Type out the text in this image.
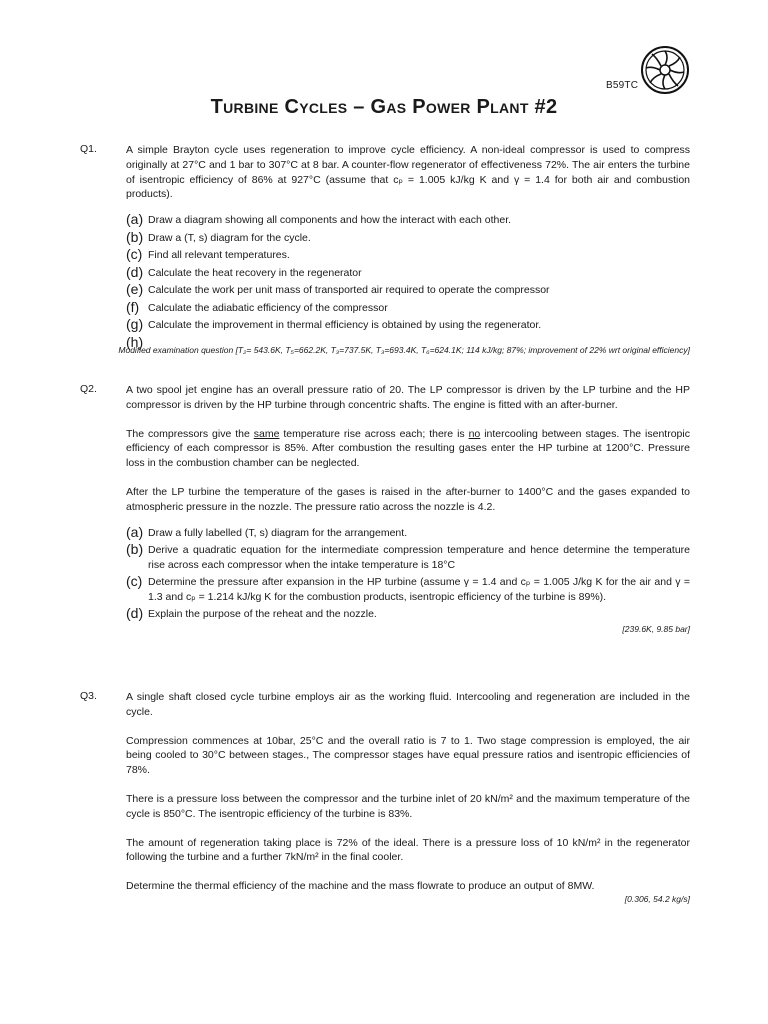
B59TC
Turbine Cycles – Gas Power Plant #2
Q1.	A simple Brayton cycle uses regeneration to improve cycle efficiency. A non-ideal compressor is used to compress originally at 27°C and 1 bar to 307°C at 8 bar. A counter-flow regenerator of effectiveness 72%. The air enters the turbine of isentropic efficiency of 86% at 927°C (assume that cₚ = 1.005 kJ/kg K and γ = 1.4 for both air and combustion products).

(a) Draw a diagram showing all components and how the interact with each other.
(b) Draw a (T, s) diagram for the cycle.
(c) Find all relevant temperatures.
(d) Calculate the heat recovery in the regenerator
(e) Calculate the work per unit mass of transported air required to operate the compressor
(f) Calculate the adiabatic efficiency of the compressor
(g) Calculate the improvement in thermal efficiency is obtained by using the regenerator.
(h)

Modified examination question [T₂= 543.6K, T₅=662.2K, T₃=737.5K, T₃=693.4K, T₆=624.1K; 114 kJ/kg; 87%; improvement of 22% wrt original efficiency]

Q2.	A two spool jet engine has an overall pressure ratio of 20. The LP compressor is driven by the LP turbine and the HP compressor is driven by the HP turbine through concentric shafts. The engine is fitted with an after-burner.

The compressors give the same temperature rise across each; there is no intercooling between stages. The isentropic efficiency of each compressor is 85%. After combustion the resulting gases enter the HP turbine at 1200°C. Pressure loss in the combustion chamber can be neglected.

After the LP turbine the temperature of the gases is raised in the after-burner to 1400°C and the gases expanded to atmospheric pressure in the nozzle. The pressure ratio across the nozzle is 4.2.

(a) Draw a fully labelled (T, s) diagram for the arrangement.
(b) Derive a quadratic equation for the intermediate compression temperature and hence determine the temperature rise across each compressor when the intake temperature is 18°C
(c) Determine the pressure after expansion in the HP turbine (assume γ = 1.4 and cₚ = 1.005 J/kg K for the air and γ = 1.3 and cₚ = 1.214 kJ/kg K for the combustion products, isentropic efficiency of the turbine is 89%).
(d) Explain the purpose of the reheat and the nozzle.

[239.6K, 9.85 bar]

Q3.	A single shaft closed cycle turbine employs air as the working fluid. Intercooling and regeneration are included in the cycle.

Compression commences at 10bar, 25°C and the overall ratio is 7 to 1. Two stage compression is employed, the air being cooled to 30°C between stages., The compressor stages have equal pressure ratios and isentropic efficiencies of 78%.

There is a pressure loss between the compressor and the turbine inlet of 20 kN/m² and the maximum temperature of the cycle is 850°C. The isentropic efficiency of the turbine is 83%.

The amount of regeneration taking place is 72% of the ideal. There is a pressure loss of 10 kN/m² in the regenerator following the turbine and a further 7kN/m² in the final cooler.

Determine the thermal efficiency of the machine and the mass flowrate to produce an output of 8MW.

[0.306, 54.2 kg/s]
